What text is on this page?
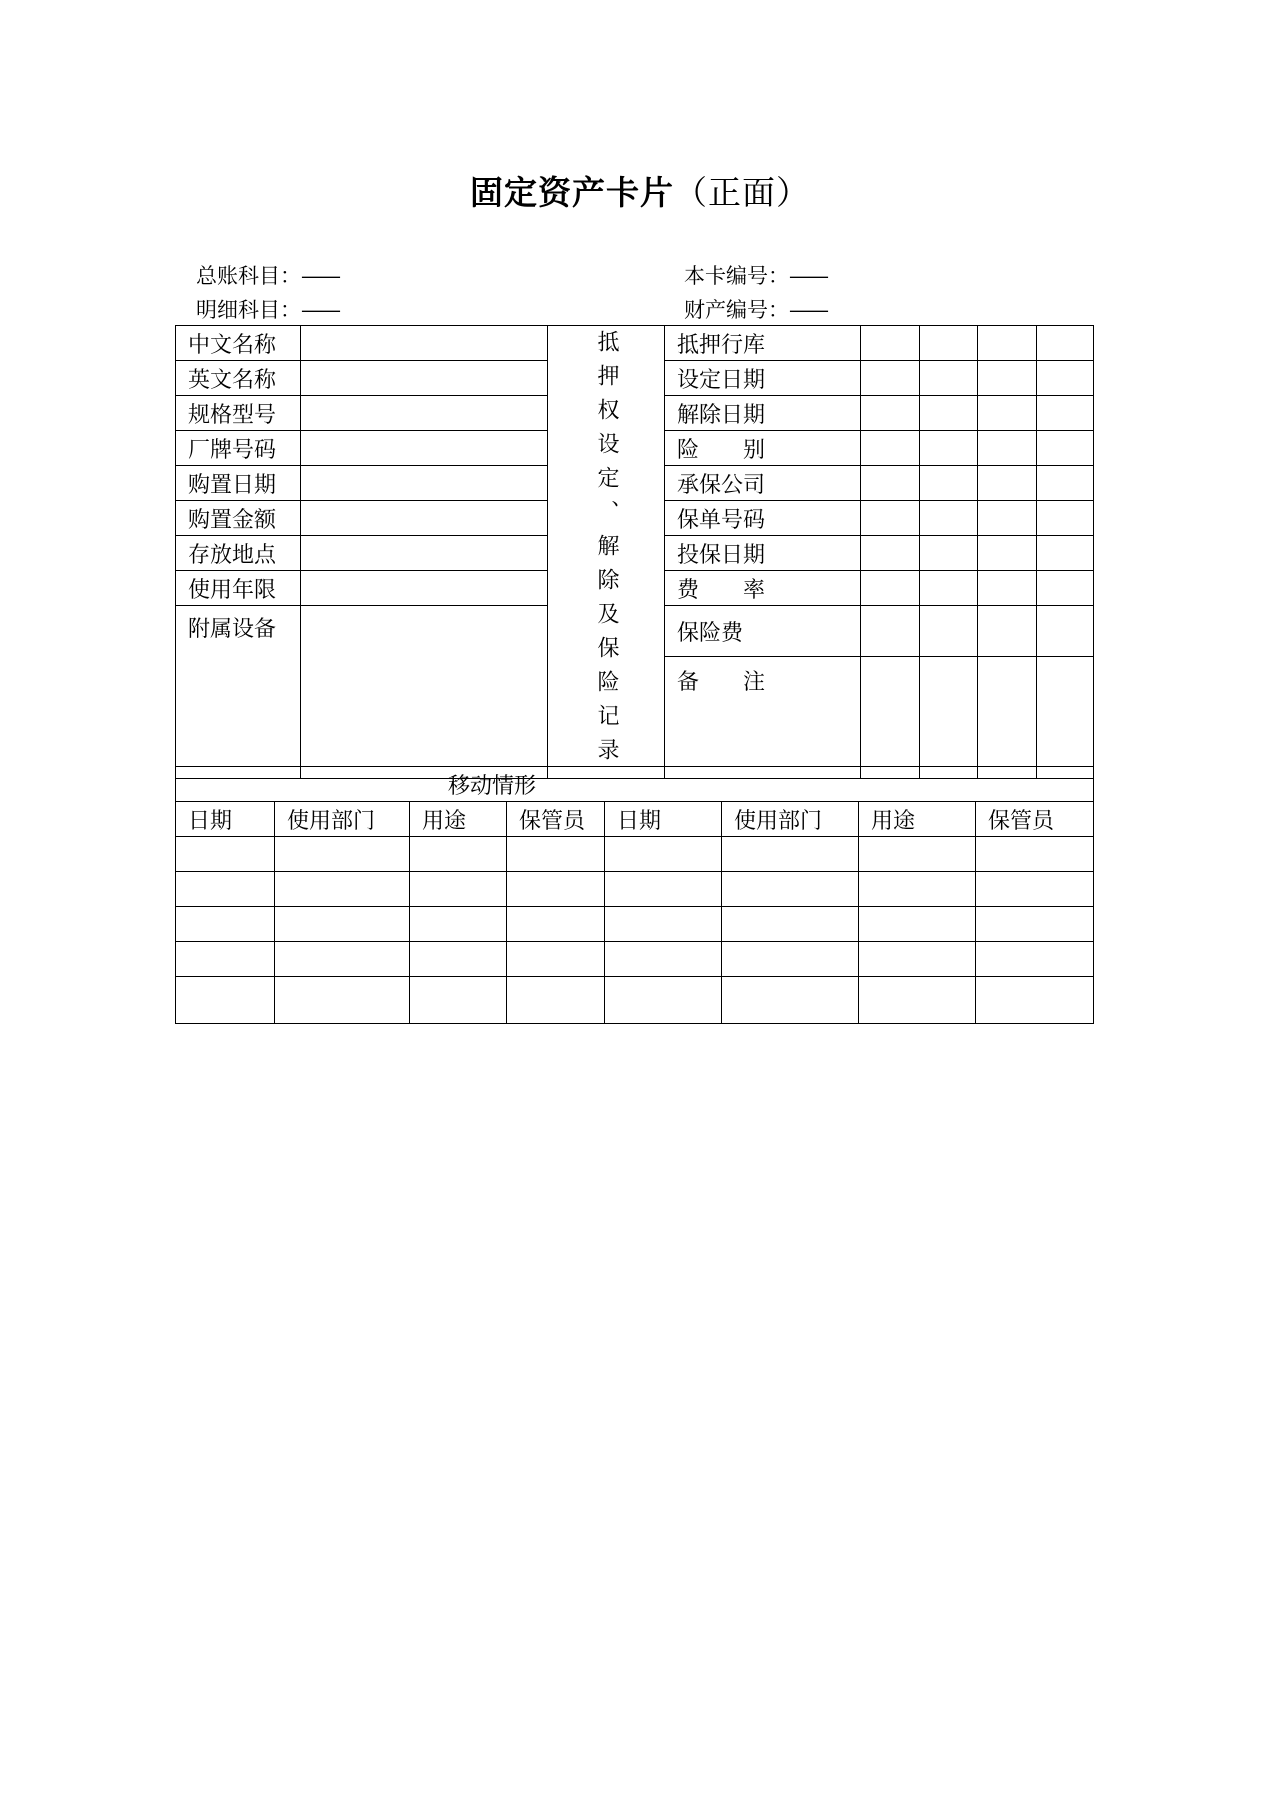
固定资产卡片（正面）
总账科目：——
明细科目：——
本卡编号：——
财产编号：——
中文名称		抵押权设定、解除及保险记录	抵押行库				
英文名称			设定日期				
规格型号			解除日期				
厂牌号码			险　　别				
购置日期			承保公司				
购置金额			保单号码				
存放地点			投保日期				
使用年限			费　　率				
附属设备			保险费				
			备　　注				
移动情形							
日期	使用部门	用途	保管员	日期	使用部门	用途	保管员
